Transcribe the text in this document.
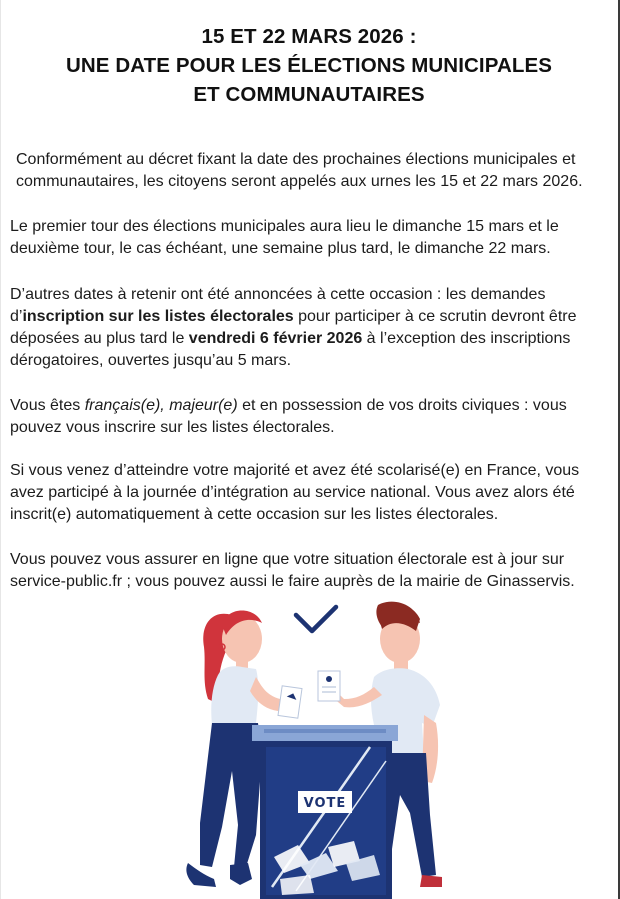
15 ET 22 MARS 2026 :
UNE DATE POUR LES ÉLECTIONS MUNICIPALES
ET COMMUNAUTAIRES
Conformément au décret fixant la date des prochaines élections municipales et
communautaires, les citoyens seront appelés aux urnes les 15 et 22 mars 2026.
Le premier tour des élections municipales aura lieu le dimanche 15 mars et le
deuxième tour, le cas échéant, une semaine plus tard, le dimanche 22 mars.
D’autres dates à retenir ont été annoncées à cette occasion : les demandes
d’inscription sur les listes électorales pour participer à ce scrutin devront être
déposées au plus tard le vendredi 6 février 2026 à l’exception des inscriptions
dérogatoires, ouvertes jusqu’au 5 mars.
Vous êtes français(e), majeur(e) et en possession de vos droits civiques : vous
pouvez vous inscrire sur les listes électorales.
Si vous venez d’atteindre votre majorité et avez été scolarisé(e) en France, vous
avez participé à la journée d’intégration au service national. Vous avez alors été
inscrit(e) automatiquement à cette occasion sur les listes électorales.
Vous pouvez vous assurer en ligne que votre situation électorale est à jour sur
service-public.fr ; vous pouvez aussi le faire auprès de la mairie de Ginasservis.
VOTE
